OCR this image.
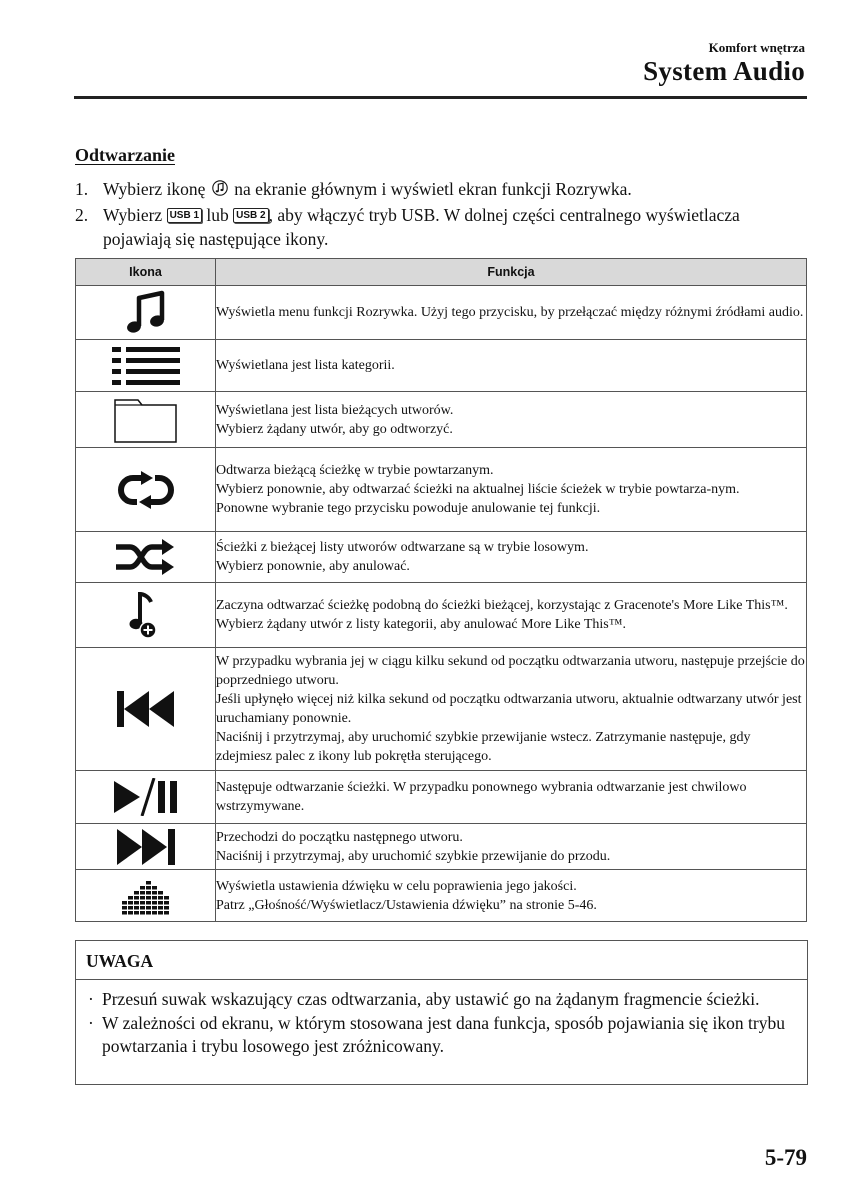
Komfort wnętrza
System Audio
Odtwarzanie
1. Wybierz ikonę na ekranie głównym i wyświetl ekran funkcji Rozrywka.
2. Wybierz USB 1 lub USB 2 , aby włączyć tryb USB. W dolnej części centralnego wyświetlacza pojawiają się następujące ikony.
Ikona	Funkcja

Wyświetla menu funkcji Rozrywka. Użyj tego przycisku, by przełączać między różnymi źródłami audio.

Wyświetlana jest lista kategorii.

Wyświetlana jest lista bieżących utworów.
Wybierz żądany utwór, aby go odtworzyć.

Odtwarza bieżącą ścieżkę w trybie powtarzanym.
Wybierz ponownie, aby odtwarzać ścieżki na aktualnej liście ścieżek w trybie powtarza-nym.
Ponowne wybranie tego przycisku powoduje anulowanie tej funkcji.

Ścieżki z bieżącej listy utworów odtwarzane są w trybie losowym.
Wybierz ponownie, aby anulować.

Zaczyna odtwarzać ścieżkę podobną do ścieżki bieżącej, korzystając z Gracenote's More Like This™.
Wybierz żądany utwór z listy kategorii, aby anulować More Like This™.

W przypadku wybrania jej w ciągu kilku sekund od początku odtwarzania utworu, następuje przejście do poprzedniego utworu.
Jeśli upłynęło więcej niż kilka sekund od początku odtwarzania utworu, aktualnie odtwarzany utwór jest uruchamiany ponownie.
Naciśnij i przytrzymaj, aby uruchomić szybkie przewijanie wstecz. Zatrzymanie następuje, gdy zdejmiesz palec z ikony lub pokrętła sterującego.

Następuje odtwarzanie ścieżki. W przypadku ponownego wybrania odtwarzanie jest chwilowo wstrzymywane.

Przechodzi do początku następnego utworu.
Naciśnij i przytrzymaj, aby uruchomić szybkie przewijanie do przodu.

Wyświetla ustawienia dźwięku w celu poprawienia jego jakości.
Patrz „Głośność/Wyświetlacz/Ustawienia dźwięku” na stronie 5-46.
UWAGA
· Przesuń suwak wskazujący czas odtwarzania, aby ustawić go na żądanym fragmencie ścieżki.
· W zależności od ekranu, w którym stosowana jest dana funkcja, sposób pojawiania się ikon trybu powtarzania i trybu losowego jest zróżnicowany.
5-79
